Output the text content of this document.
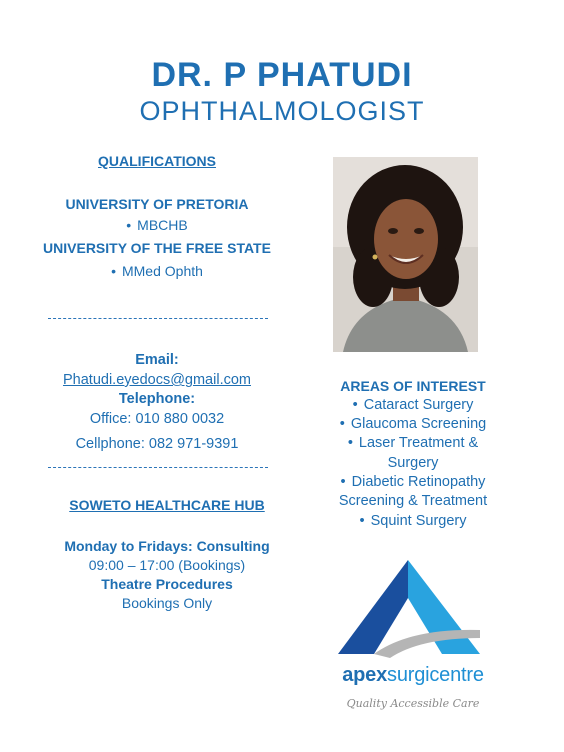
DR. P PHATUDI
OPHTHALMOLOGIST
QUALIFICATIONS
UNIVERSITY OF PRETORIA
• MBCHB
UNIVERSITY OF THE FREE STATE
• MMed Ophth
Email:
Phatudi.eyedocs@gmail.com
Telephone:
Office: 010 880 0032
Cellphone: 082 971-9391
SOWETO HEALTHCARE HUB
Monday to Fridays: Consulting
09:00 – 17:00 (Bookings)
Theatre Procedures
Bookings Only
AREAS OF INTEREST
• Cataract Surgery
• Glaucoma Screening
• Laser Treatment &
Surgery
• Diabetic Retinopathy
Screening & Treatment
• Squint Surgery
apexsurgicentre
Quality Accessible Care
